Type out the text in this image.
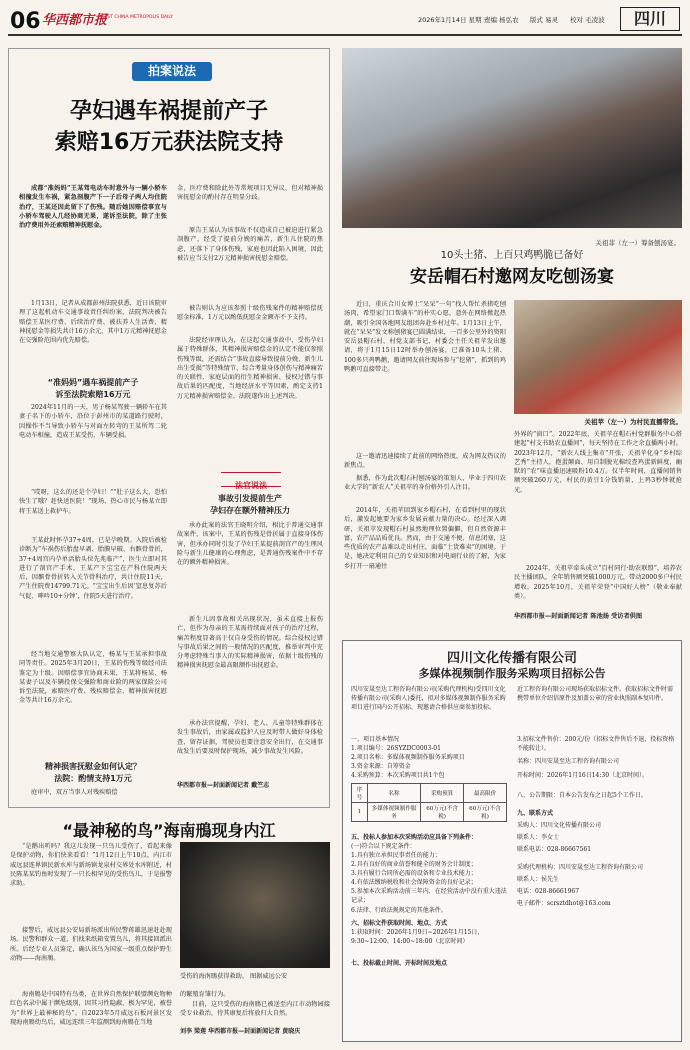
06 华西都市报
WEST CHINA METROPOLIS DAILY	2026年1月14日 星期三
责编 杨弘农 版式 易灵 校对 毛凌波	四川
拍案说法
孕妇遇车祸提前产子
索赔16万元获法院支持
成都“准妈妈”王某驾电动车时意外与一辆小轿车相撞发生车祸，紧急剖腹产下一子后母子两人均住院治疗，王某还因此留下了伤残。随后她因赔偿事宜与小轿车驾驶人几经协商无果，遂诉至法院，除了主张治疗费用外还索赔精神抚慰金。
1月13日，记者从成都彭州法院获悉，近日该院审理了这起机动车交通事故责任纠纷案，法院判决被告赔偿王某医疗费、后续治疗费、被扶养人生活费、精神抚慰金等损失共计16万余元，其中1万元精神抚慰金在交强险范围内优先赔偿。
“准妈妈”遇车祸提前产子
诉至法院索赔16万元
2024年11月的一天，男子杨某驾驶一辆轿车在其妻子名下的小轿车，沿位于彭州市的某道路行驶时，因操作不当导致小轿车与对面左转弯的王某所驾二轮电动车相撞，造成王某受伤、车辆受损。
“哎呀，这么的还是个孕妇！”“肚子这么大，恐怕快生了哦？赶快送医院！”现场，热心市民与杨某立即将王某送上救护车。
王某此时怀孕37+4周，已是孕晚期。入院后被检诊断为“车祸伤后胎盘早剥、胎膜早破、右髌骨骨折，37+4周宫内孕单活胎头位先兆临产”，医生立即对其进行了剖宫产手术，王某产下宝宝在产科住院两天后，因髌骨骨折转入关节骨科治疗，共计住院11天，产生住院费14799.71元。“宝宝出生后因‘窒息复苏后气促、呻吟10+分钟’，住院5天进行治疗。
经当地交通警察大队认定，杨某与王某承担事故同等责任。2025年3月20日，王某的伤残等级经司法鉴定为十级。因赔偿事宜协商未果，王某将杨某、杨某妻子以及车辆投保交强险和商业险的两家保险公司诉至法院，索赔医疗费、残疾赔偿金、精神损害抚慰金等共计16万余元。
精神损害抚慰金如何认定？
法院：酌情支持1万元
庭审中，双方当事人对残疾赔偿
金、医疗费和除此外等常规项目无异议，但对精神损害抚慰金的酌付存在明显分歧。
原告王某认为该事故不仅造成自己被迫进行紧急剖腹产，经受了提前分娩的痛苦，新生儿住院的焦虑，还落下了身体伤残，家庭也因此陷入困境，因此被告应当支付2万元精神损害抚慰金赔偿。
被告则认为应该参照十级伤残案件的精神赔偿抚慰金标准，1万元以酌低抚慰金金额亦不予支持。
法院经审理认为，在这起交通事故中，受伤孕妇属于特殊群体，其精神损害赔偿金的认定不能仅参照伤残等级，还需结合“事故直接导致提前分娩、新生儿出生受损”等特殊情节，综合考量身体创伤与精神痛苦的关联性、家庭层面的衍生精神损害、侵权过错与事故后果的匹配度，当地经济水平等因素，酌定支持1万元精神损害赔偿金。法院遂作出上述判决。
法官说法
事故引发提前生产
孕妇存在额外精神压力
承办此案的法官王晓明介绍，相比于普通交通事故案件，该案中，王某的伤残是骨折属于直接身体伤害，但承办同时引发了孕妇王某提前剖宫产的生理风险与新生儿健康的心理焦虑，是普通伤残案件中不存在的额外精神损害。
新生儿因事故相关出现状况，虽未直接上报伤亡，但作为母亲的王某需持续面对孩子的治疗过程，痛苦程度显著高于仅自身受伤的情况。综合侵权过错与事故后果之间的一般情况的匹配度，推举审判中充分考虑特殊当事人的实际精神损害，依据十级伤残的精神损害抚慰金最高限额作出抚慰金。
承办法官提醒，孕妇、老人、儿童等特殊群体在发生事故后，由家属或监护人应及时带人做好身体检查、留存证据，驾驶员也要注意安全出行，在交通事故发生后要及时保护现场，减少事故发生风险。
华西都市报—封面新闻记者 戴竺志
关祖菲（左一）筹备刨汤宴。
10头土猪、上百只鸡鸭脆已备好
安岳帽石村邀网友吃刨汤宴
近日，重庆合川女博士“呆呆”一句“找人帮忙杀猪吃刨汤肉，希望家门口帮满车”的朴实心愿，意外在网络掀起热潮，吸引全国各地网友组团奔赴乡村过年。1月13日上午，就在“呆呆”发文称刨猪宴已圆满结束，一百多公里外的资阳安岳县帽石村，村党支部书记、村委会主任关祖苹发出邀请，将于1月15日12时举办刨汤宴，已准备10头土猪、100多只鸡鸭鹅，邀请网友前往现场参与“挖猪”，抓到的鸡鸭鹅可直接带走。
这一邀请迅速接续了此前的网络热度，成为网友热议的新焦点。
据悉，作为此次帽石村刨汤宴的策划人，毕业于四川农业大学的“新农人”关祖苹的身份格外引人注目。
2014年，关祖苹回到家乡帽石村，在看到村里的现状后，激发起她要为家乡发展贡献力量的决心。经过深入调研，关祖苹发现帽石村虽然地理位置偏僻，但自然资源丰富，农产品品质优良。然而，由于交通不便、信息闭塞，这些优质的农产品难以走出村庄，面临“土货难卖”的困境。于是，她决定利用自己的专业知识和对电商行业的了解，为家乡打开一扇通往
关祖苹（左一）为村民直播带货。
外界的“窗口”。2022年底，关祖苹在帽石村党群服务中心搭建起“村支书助农直播间”，每天坚持在工作之余直播两小时。2023年12月，“新农人线上集市”开张，关祖苹化身“乡村综艺秀”主持人，抱蛋颠面、用自制脱光棉绞查鸡蛋新鲜度，幽默的“农”味直播迅速吸粉10.4万。仅半年时间，直播间销售额突破260万元，村民的黄豆1分钱销量，上鸡3秒钟就抢光。
2024年，关祖苹牵头成立“百村同行·助农联盟”，培养农民主播团队，全年销售额突破1000万元，带动2000多户村民增收。2025年10月，关祖苹荣登“中国好人榜”（敬业奉献类）。
华西都市报—封面新闻记者 陈池扬 受访者供图
四川文化传播有限公司
多媒体视频制作服务采购项目招标公告
四川安晟至达工程咨询有限公司(采购代理机构)受四川文化传播有限公司(采购人)委托，拟对多媒体视频制作服务采购项目进行国内公开招标，现邀请合格供应商参加投标。
一、项目基本情况
1.项目编号：26SYZDC0003-01
2.项目名称：多媒体视频制作服务采购项目
3.资金来源：自筹资金
4.采购预算：本次采购项目共1个包
序号	名称	采购预算	最高限价
1	多媒体视频制作服务	60万元(不含税)	60万元(不含税)
五、投标人参加本次采购活动应具备下列条件：
(一)符合以下规定条件：
1.具有独立承担民事责任的能力；
2.具有良好的商业信誉和健全的财务会计制度；
3.具有履行合同所必需的设备和专业技术能力；
4.有依法缴纳税收和社会保障资金的良好记录；
5.参加本次采购活动前三年内，在经营活动中没有重大违法记录；
6.法律、行政法规规定的其他条件。
六、招标文件获取时间、地点、方式
1.获取时间：2026年1月9日~2026年1月15日，9:30~12:00、14:00~18:00（北京时间）
七、投标截止时间、开标时间及地点
近工程咨询有限公司现场获取招标文件。获取招标文件时需携带单位介绍信原件及加盖公章的营业执照副本复印件。
3.招标文件售价：200元/份（招标文件售后不退，投标资格不能转让）。
名称：四川安晟至达工程咨询有限公司
开标时间：2026年1月16日14:30（北京时间）。
八、公告期限：自本公告发布之日起5个工作日。
九、联系方式
采购人：四川文化传播有限公司
联系人：李女士
联系电话：028-86667561
采购代理机构：四川安晟至达工程咨询有限公司
联系人：侯先生
电话：028-86661967
电子邮件：scrsztdhot@163.com
“最神秘的鸟”海南鳽现身内江
“是鹅出听吗？我这儿发现一只鸟儿受伤了，看起来像是保护动物，你们快来看看！”1月12日上午10点，内江市威远县连界镇民新水库与新场镇龙泉村交界处水库附近，村民陈某某钓鱼时发现了一只长相罕见的受伤鸟儿，于是报警求助。
接警后，威远县公安局新场派出所民警蒋雄迅速赶赴现场。民警和群众一道，们找来纸箱安置鸟儿，将其接回派出所。后经专业人员鉴定，确认该鸟为国家一级重点保护野生动物——海南鳽。
海南鳽是中国特有鸟类，在世界自然保护联盟濒危物种红色名录中属于濒危级别，因其习性隐蔽、极为罕见，被誉为“世界上最神秘的鸟”。自2023年5月威远石板河景区发现海南鳽幼鸟后，威远连续三年监测到海南鳽在当地
受伤的海南鳽获得救助。 图据威远公安
的繁殖育雏行为。
目前，这只受伤的海南鳽已被送至内江市动物园接受专业救治，待其康复后将放归大自然。
刘李 梁莲 华西都市报—封面新闻记者 黄晓庆
